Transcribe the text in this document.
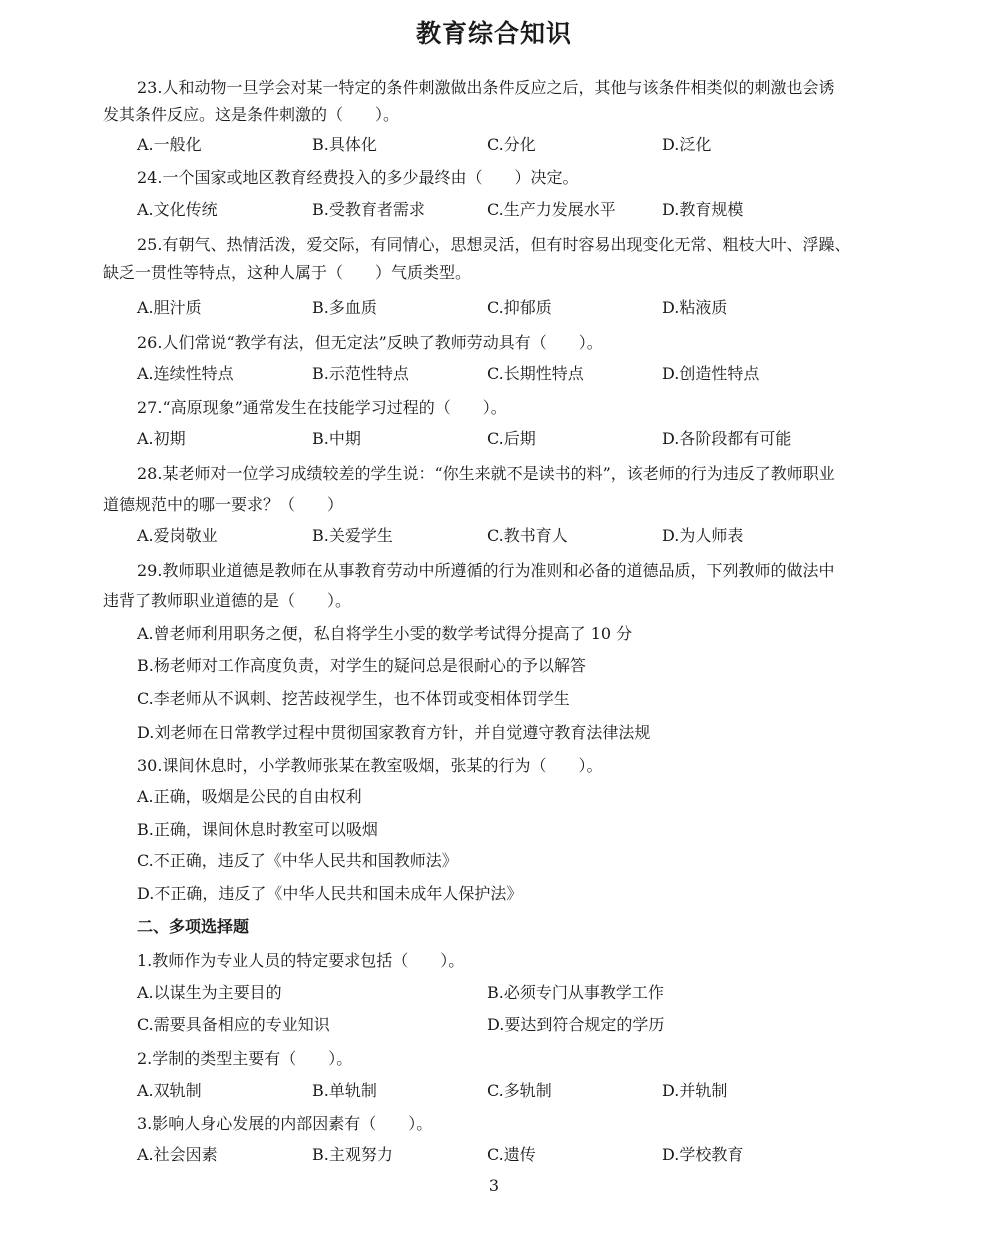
教育综合知识
23.人和动物一旦学会对某一特定的条件刺激做出条件反应之后，其他与该条件相类似的刺激也会诱
发其条件反应。这是条件刺激的（　　）。
A.一般化	B.具体化	C.分化	D.泛化
24.一个国家或地区教育经费投入的多少最终由（　　）决定。
A.文化传统	B.受教育者需求	C.生产力发展水平	D.教育规模
25.有朝气、热情活泼，爱交际，有同情心，思想灵活，但有时容易出现变化无常、粗枝大叶、浮躁、
缺乏一贯性等特点，这种人属于（　　）气质类型。
A.胆汁质	B.多血质	C.抑郁质	D.粘液质
26.人们常说“教学有法，但无定法”反映了教师劳动具有（　　）。
A.连续性特点	B.示范性特点	C.长期性特点	D.创造性特点
27.“高原现象”通常发生在技能学习过程的（　　）。
A.初期	B.中期	C.后期	D.各阶段都有可能
28.某老师对一位学习成绩较差的学生说：“你生来就不是读书的料”，该老师的行为违反了教师职业
道德规范中的哪一要求？（　　）
A.爱岗敬业	B.关爱学生	C.教书育人	D.为人师表
29.教师职业道德是教师在从事教育劳动中所遵循的行为准则和必备的道德品质，下列教师的做法中
违背了教师职业道德的是（　　）。
A.曾老师利用职务之便，私自将学生小雯的数学考试得分提高了 10 分
B.杨老师对工作高度负责，对学生的疑问总是很耐心的予以解答
C.李老师从不讽刺、挖苦歧视学生，也不体罚或变相体罚学生
D.刘老师在日常教学过程中贯彻国家教育方针，并自觉遵守教育法律法规
30.课间休息时，小学教师张某在教室吸烟，张某的行为（　　）。
A.正确，吸烟是公民的自由权利
B.正确，课间休息时教室可以吸烟
C.不正确，违反了《中华人民共和国教师法》
D.不正确，违反了《中华人民共和国未成年人保护法》
二、多项选择题
1.教师作为专业人员的特定要求包括（　　）。
A.以谋生为主要目的	B.必须专门从事教学工作
C.需要具备相应的专业知识	D.要达到符合规定的学历
2.学制的类型主要有（　　）。
A.双轨制	B.单轨制	C.多轨制	D.并轨制
3.影响人身心发展的内部因素有（　　）。
A.社会因素	B.主观努力	C.遗传	D.学校教育
3
